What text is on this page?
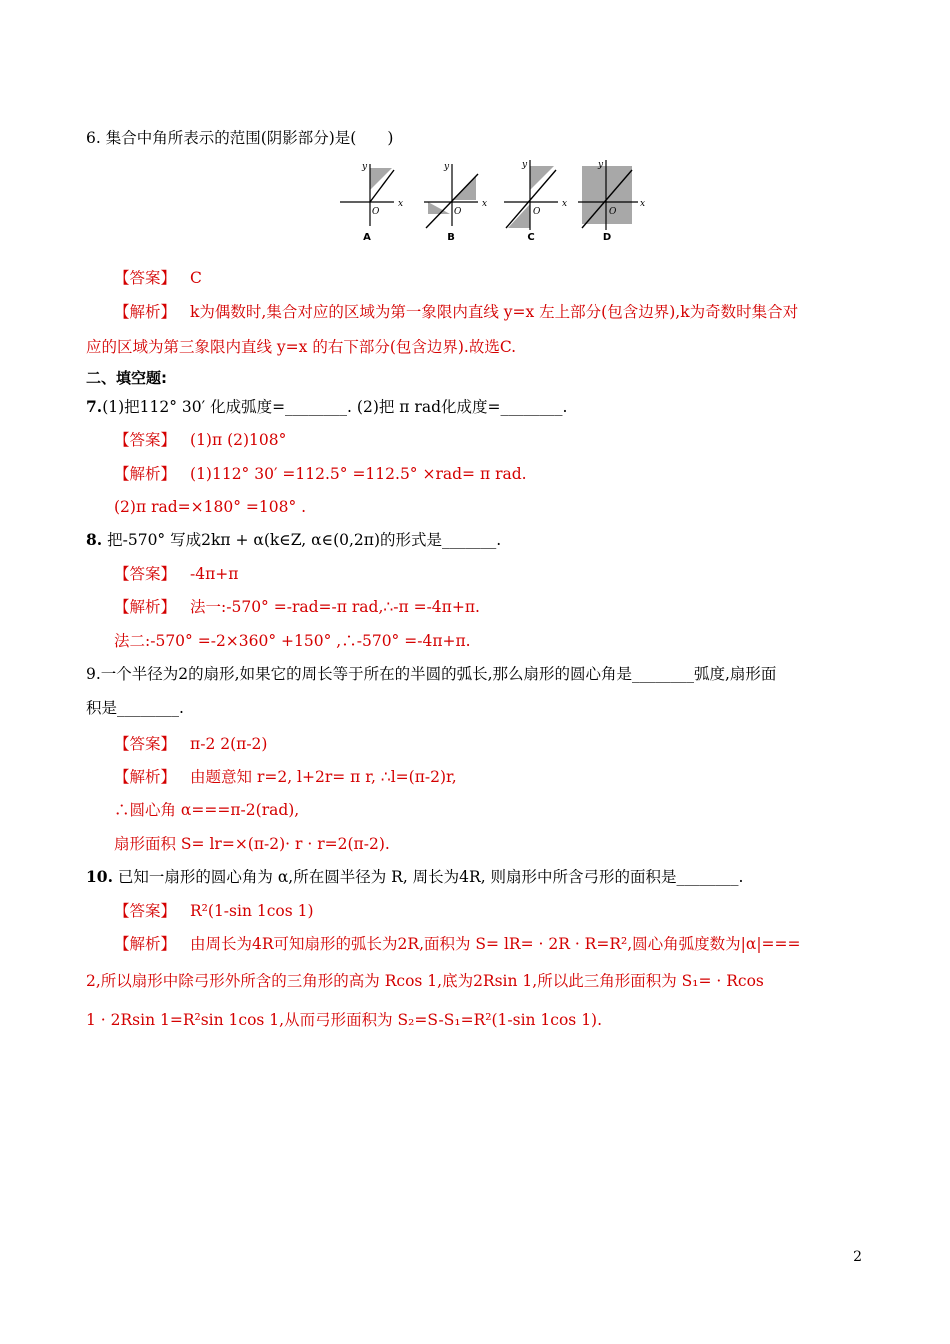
6. 集合中角所表示的范围(阴影部分)是(　　)
y
x
O
A
y
x
O
B
y
x
O
C
y
x
O
D
【答案】 C
【解析】 k为偶数时,集合对应的区域为第一象限内直线 y=x 左上部分(包含边界),k为奇数时集合对
应的区域为第三象限内直线 y=x 的右下部分(包含边界).故选C.
二、填空题:
7.(1)把112° 30′ 化成弧度=________. (2)把 π rad化成度=________.
【答案】 (1)π (2)108°
【解析】 (1)112° 30′ =112.5° =112.5° ×rad= π rad.
(2)π rad=×180° =108° .
8. 把-570° 写成2kπ + α(k∈Z, α∈(0,2π)的形式是_______.
【答案】 -4π+π
【解析】 法一:-570° =-rad=-π rad,∴-π =-4π+π.
法二:-570° =-2×360° +150° ,∴-570° =-4π+π.
9.一个半径为2的扇形,如果它的周长等于所在的半圆的弧长,那么扇形的圆心角是________弧度,扇形面
积是________.
【答案】 π-2 2(π-2)
【解析】 由题意知 r=2, l+2r= π r, ∴l=(π-2)r,
∴圆心角 α===π-2(rad),
扇形面积 S= lr=×(π-2)· r · r=2(π-2).
10. 已知一扇形的圆心角为 α,所在圆半径为 R, 周长为4R, 则扇形中所含弓形的面积是________.
【答案】 R²(1-sin 1cos 1)
【解析】 由周长为4R可知扇形的弧长为2R,面积为 S= lR= · 2R · R=R²,圆心角弧度数为|α|===
2,所以扇形中除弓形外所含的三角形的高为 Rcos 1,底为2Rsin 1,所以此三角形面积为 S₁= · Rcos
1 · 2Rsin 1=R²sin 1cos 1,从而弓形面积为 S₂=S-S₁=R²(1-sin 1cos 1).
2
